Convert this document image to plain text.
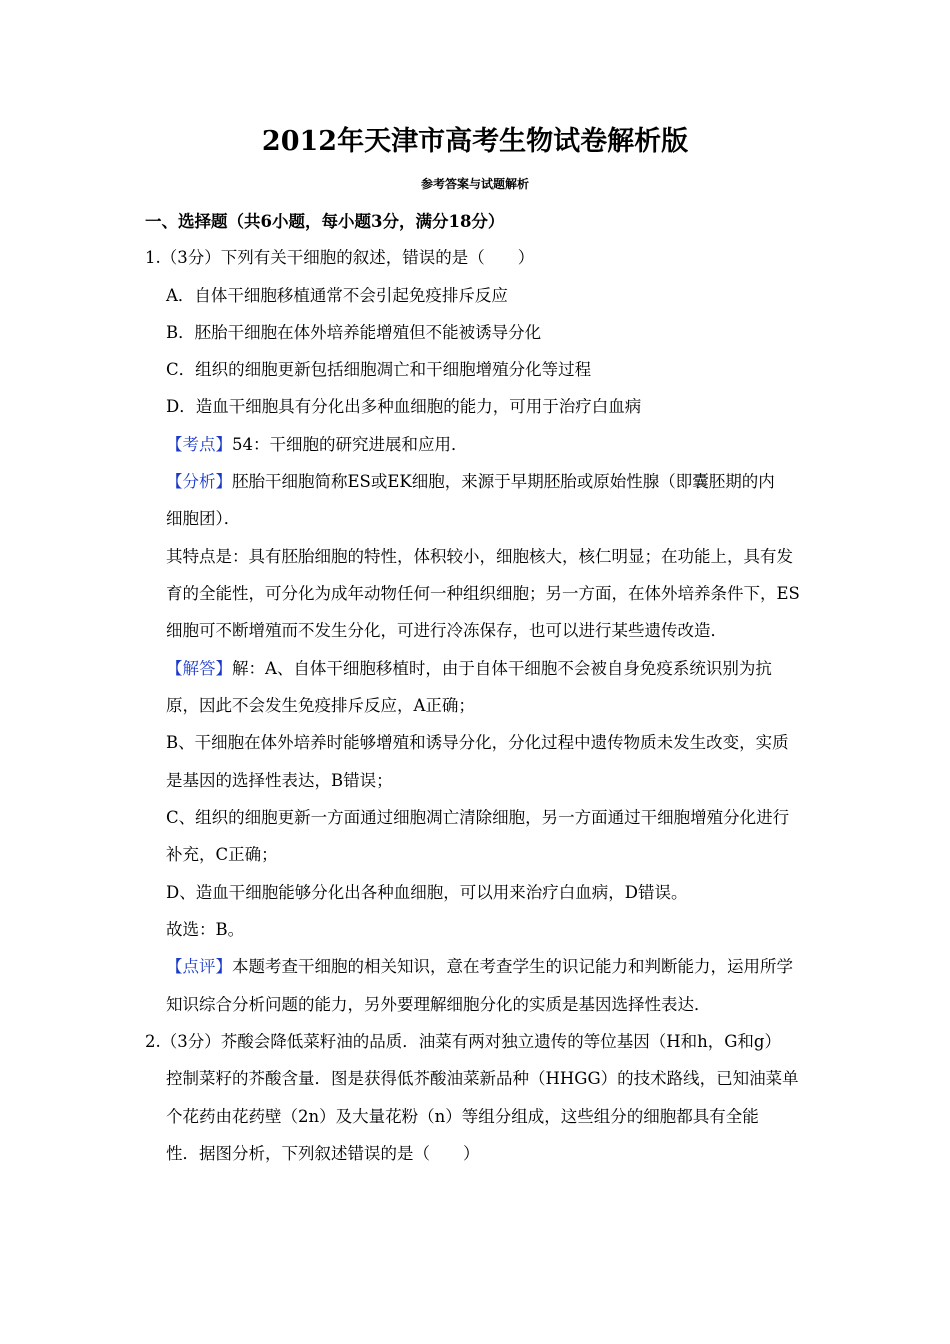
2012年天津市高考生物试卷解析版
参考答案与试题解析
一、选择题（共6小题，每小题3分，满分18分）
1.（3分）下列有关干细胞的叙述，错误的是（　　）
A．自体干细胞移植通常不会引起免疫排斥反应
B．胚胎干细胞在体外培养能增殖但不能被诱导分化
C．组织的细胞更新包括细胞凋亡和干细胞增殖分化等过程
D．造血干细胞具有分化出多种血细胞的能力，可用于治疗白血病
【考点】54：干细胞的研究进展和应用．
【分析】胚胎干细胞简称ES或EK细胞，来源于早期胚胎或原始性腺（即囊胚期的内
细胞团）．
其特点是：具有胚胎细胞的特性，体积较小，细胞核大，核仁明显；在功能上，具有发
育的全能性，可分化为成年动物任何一种组织细胞；另一方面，在体外培养条件下，ES
细胞可不断增殖而不发生分化，可进行冷冻保存，也可以进行某些遗传改造．
【解答】解：A、自体干细胞移植时，由于自体干细胞不会被自身免疫系统识别为抗
原，因此不会发生免疫排斥反应，A正确；
B、干细胞在体外培养时能够增殖和诱导分化，分化过程中遗传物质未发生改变，实质
是基因的选择性表达，B错误；
C、组织的细胞更新一方面通过细胞凋亡清除细胞，另一方面通过干细胞增殖分化进行
补充，C正确；
D、造血干细胞能够分化出各种血细胞，可以用来治疗白血病，D错误。
故选：B。
【点评】本题考查干细胞的相关知识，意在考查学生的识记能力和判断能力，运用所学
知识综合分析问题的能力，另外要理解细胞分化的实质是基因选择性表达．
2.（3分）芥酸会降低菜籽油的品质．油菜有两对独立遗传的等位基因（H和h，G和g）
控制菜籽的芥酸含量．图是获得低芥酸油菜新品种（HHGG）的技术路线，已知油菜单
个花药由花药壁（2n）及大量花粉（n）等组分组成，这些组分的细胞都具有全能
性．据图分析，下列叙述错误的是（　　）
